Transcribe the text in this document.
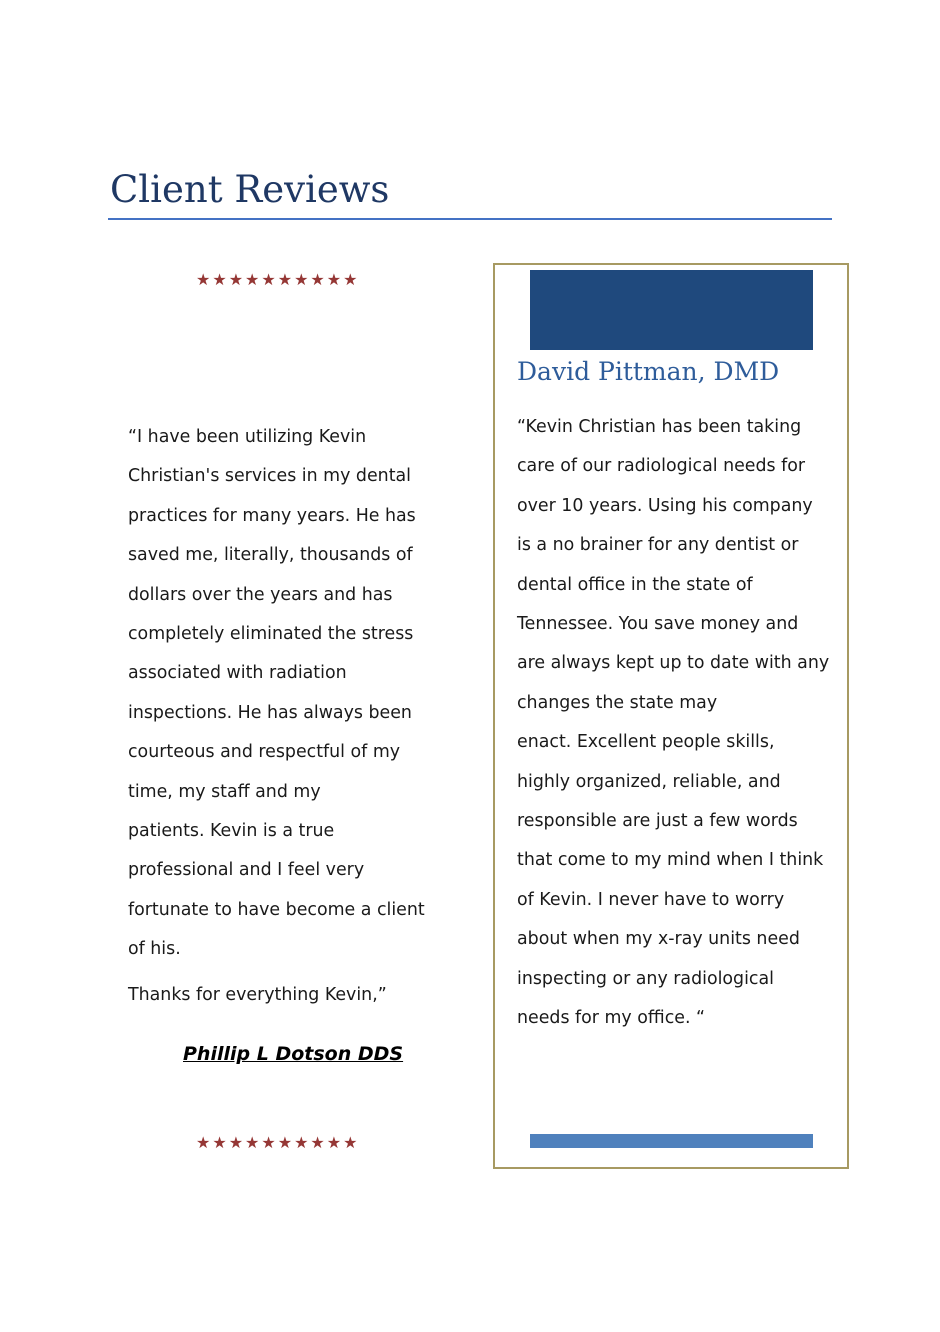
Client Reviews
★★★★★★★★★★
“I have been utilizing Kevin
Christian's services in my dental
practices for many years. He has
saved me, literally, thousands of
dollars over the years and has
completely eliminated the stress
associated with radiation
inspections. He has always been
courteous and respectful of my
time, my staff and my
patients. Kevin is a true
professional and I feel very
fortunate to have become a client
of his.
Thanks for everything Kevin,”
Phillip L Dotson DDS
★★★★★★★★★★
David Pittman, DMD
“Kevin Christian has been taking
care of our radiological needs for
over 10 years. Using his company
is a no brainer for any dentist or
dental office in the state of
Tennessee. You save money and
are always kept up to date with any
changes the state may
enact. Excellent people skills,
highly organized, reliable, and
responsible are just a few words
that come to my mind when I think
of Kevin. I never have to worry
about when my x-ray units need
inspecting or any radiological
needs for my office. “
